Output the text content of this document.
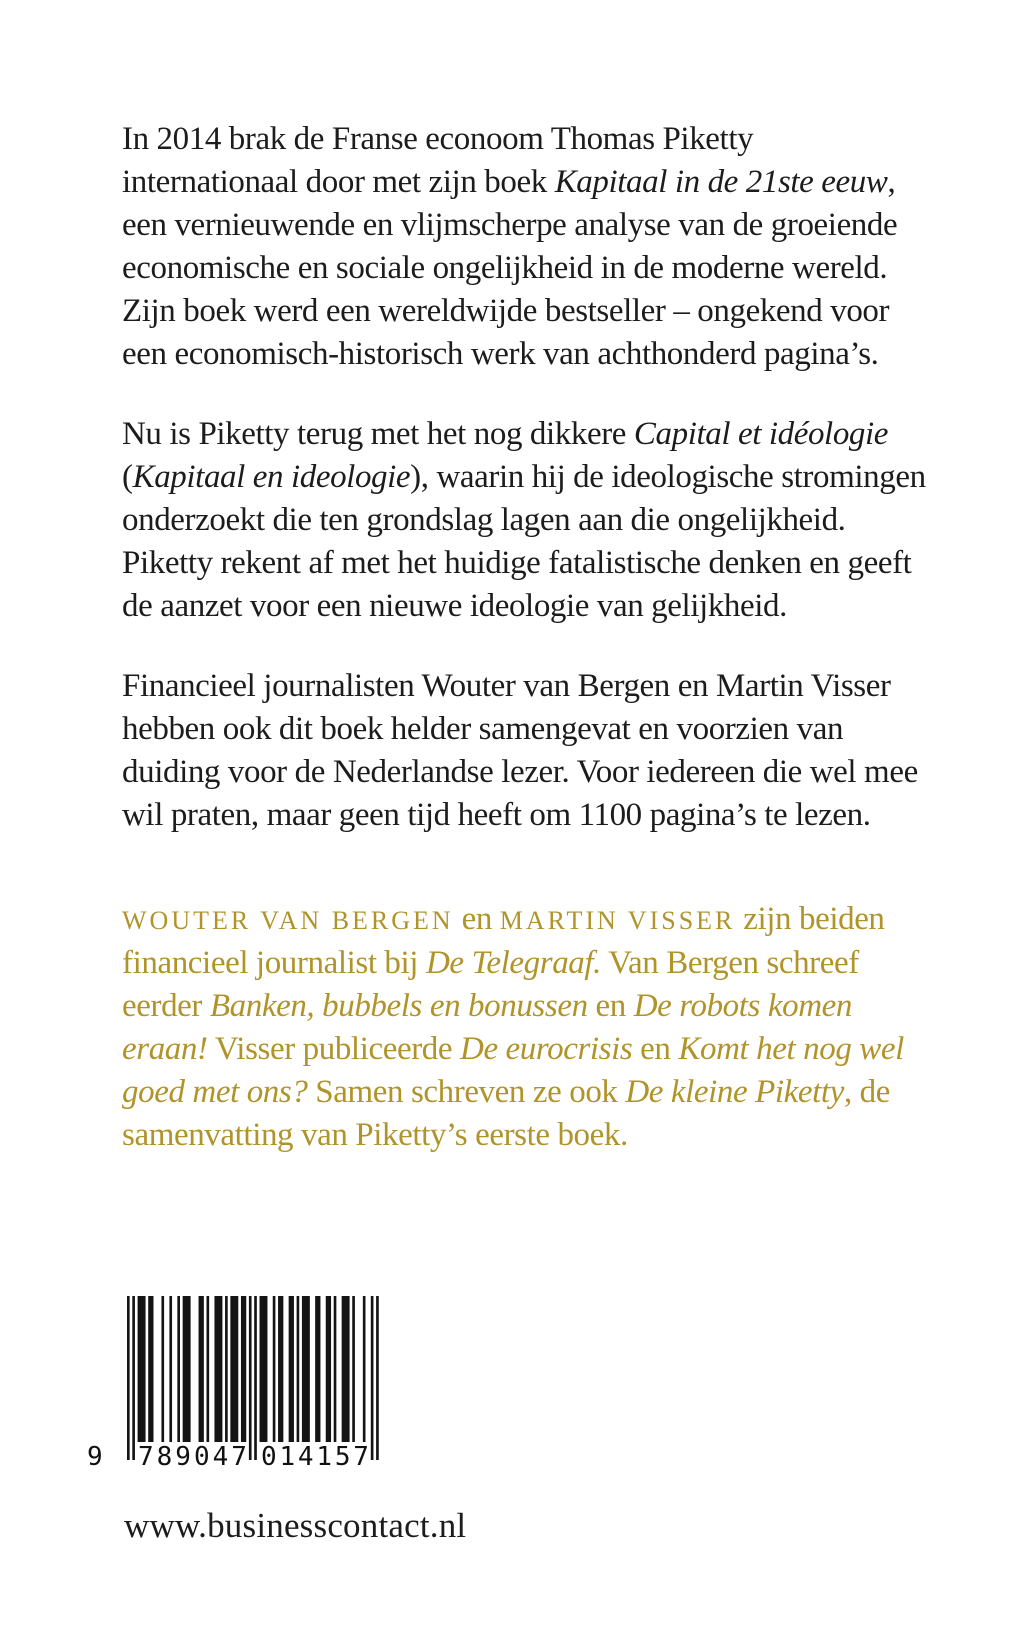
In 2014 brak de Franse econoom Thomas Piketty internationaal door met zijn boek Kapitaal in de 21ste eeuw, een vernieuwende en vlijmscherpe analyse van de groeiende economische en sociale ongelijkheid in de moderne wereld. Zijn boek werd een wereldwijde bestseller – ongekend voor een economisch-historisch werk van achthonderd pagina’s.

Nu is Piketty terug met het nog dikkere Capital et idéologie (Kapitaal en ideologie), waarin hij de ideologische stromingen onderzoekt die ten grondslag lagen aan die ongelijkheid. Piketty rekent af met het huidige fatalistische denken en geeft de aanzet voor een nieuwe ideologie van gelijkheid.

Financieel journalisten Wouter van Bergen en Martin Visser hebben ook dit boek helder samengevat en voorzien van duiding voor de Nederlandse lezer. Voor iedereen die wel mee wil praten, maar geen tijd heeft om 1100 pagina’s te lezen.

WOUTER VAN BERGEN en MARTIN VISSER zijn beiden financieel journalist bij De Telegraaf. Van Bergen schreef eerder Banken, bubbels en bonussen en De robots komen eraan! Visser publiceerde De eurocrisis en Komt het nog wel goed met ons? Samen schreven ze ook De kleine Piketty, de samenvatting van Piketty’s eerste boek.

9 789047 014157
www.businesscontact.nl
